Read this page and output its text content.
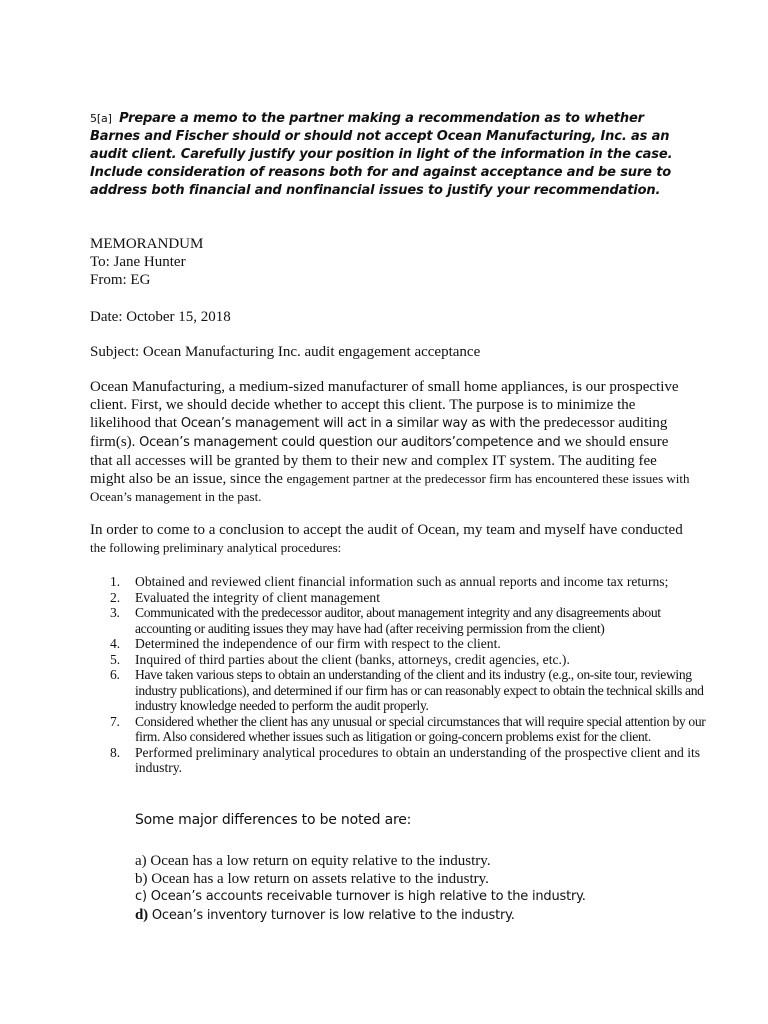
5[a] Prepare a memo to the partner making a recommendation as to whether Barnes and Fischer should or should not accept Ocean Manufacturing, Inc. as an audit client. Carefully justify your position in light of the information in the case. Include consideration of reasons both for and against acceptance and be sure to address both financial and nonfinancial issues to justify your recommendation.
MEMORANDUM
To: Jane Hunter
From: EG
Date: October 15, 2018
Subject: Ocean Manufacturing Inc. audit engagement acceptance
Ocean Manufacturing, a medium-sized manufacturer of small home appliances, is our prospective client. First, we should decide whether to accept this client. The purpose is to minimize the likelihood that Ocean’s management will act in a similar way as with the predecessor auditing firm(s). Ocean’s management could question our auditors’competence and we should ensure that all accesses will be granted by them to their new and complex IT system. The auditing fee might also be an issue, since the engagement partner at the predecessor firm has encountered these issues with Ocean’s management in the past.
In order to come to a conclusion to accept the audit of Ocean, my team and myself have conducted the following preliminary analytical procedures:
1. Obtained and reviewed client financial information such as annual reports and income tax returns;
2. Evaluated the integrity of client management
3. Communicated with the predecessor auditor, about management integrity and any disagreements about accounting or auditing issues they may have had (after receiving permission from the client)
4. Determined the independence of our firm with respect to the client.
5. Inquired of third parties about the client (banks, attorneys, credit agencies, etc.).
6. Have taken various steps to obtain an understanding of the client and its industry (e.g., on-site tour, reviewing industry publications), and determined if our firm has or can reasonably expect to obtain the technical skills and industry knowledge needed to perform the audit properly.
7. Considered whether the client has any unusual or special circumstances that will require special attention by our firm. Also considered whether issues such as litigation or going-concern problems exist for the client.
8. Performed preliminary analytical procedures to obtain an understanding of the prospective client and its industry.
Some major differences to be noted are:
a) Ocean has a low return on equity relative to the industry.
b) Ocean has a low return on assets relative to the industry.
c) Ocean’s accounts receivable turnover is high relative to the industry.
d) Ocean’s inventory turnover is low relative to the industry.
